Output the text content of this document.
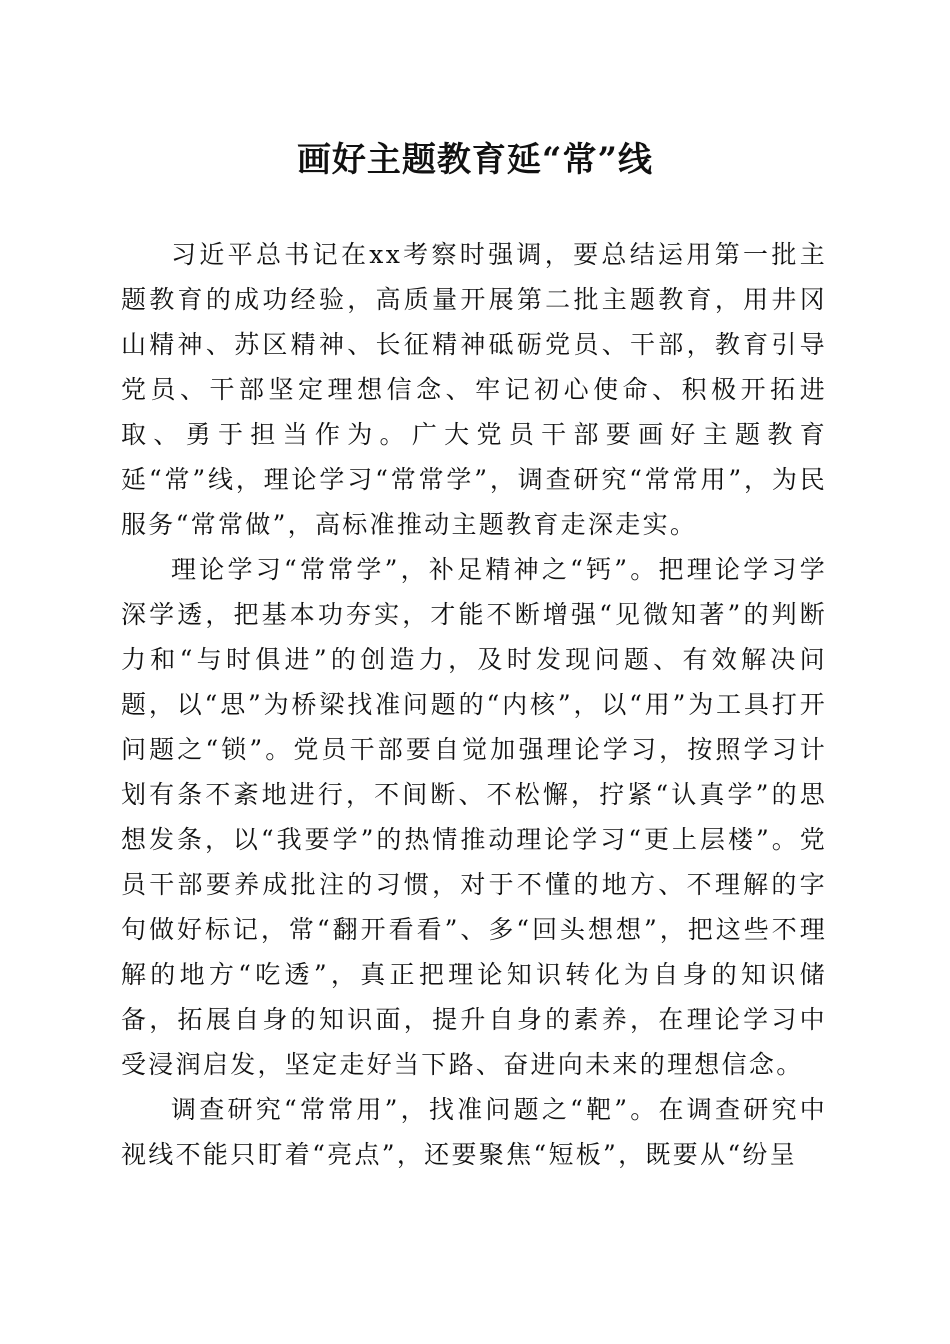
画好主题教育延“常”线

习近平总书记在xx考察时强调，要总结运用第一批主题教育的成功经验，高质量开展第二批主题教育，用井冈山精神、苏区精神、长征精神砥砺党员、干部，教育引导党员、干部坚定理想信念、牢记初心使命、积极开拓进取、勇于担当作为。广大党员干部要画好主题教育延“常”线，理论学习“常常学”，调查研究“常常用”，为民服务“常常做”，高标准推动主题教育走深走实。

理论学习“常常学”，补足精神之“钙”。把理论学习学深学透，把基本功夯实，才能不断增强“见微知著”的判断力和“与时俱进”的创造力，及时发现问题、有效解决问题，以“思”为桥梁找准问题的“内核”，以“用”为工具打开问题之“锁”。党员干部要自觉加强理论学习，按照学习计划有条不紊地进行，不间断、不松懈，拧紧“认真学”的思想发条，以“我要学”的热情推动理论学习“更上层楼”。党员干部要养成批注的习惯，对于不懂的地方、不理解的字句做好标记，常“翻开看看”、多“回头想想”，把这些不理解的地方“吃透”，真正把理论知识转化为自身的知识储备，拓展自身的知识面，提升自身的素养，在理论学习中受浸润启发，坚定走好当下路、奋进向未来的理想信念。

调查研究“常常用”，找准问题之“靶”。在调查研究中视线不能只盯着“亮点”，还要聚焦“短板”，既要从“纷呈
